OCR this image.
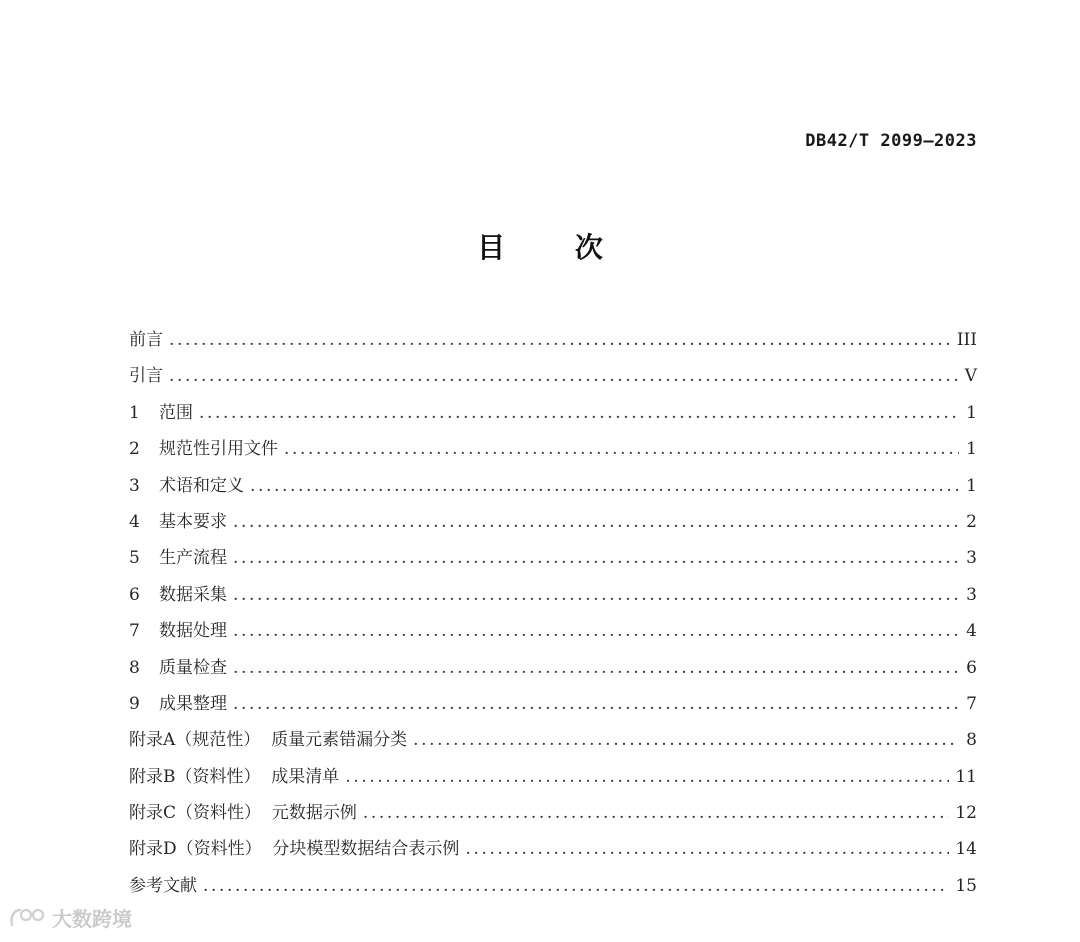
DB42/T 2099—2023
目 次
前言 .....	III
引言 .....	V
1	范围 .....	1
2	规范性引用文件 .....	1
3	术语和定义 .....	1
4	基本要求 .....	2
5	生产流程 .....	3
6	数据采集 .....	3
7	数据处理 .....	4
8	质量检查 .....	6
9	成果整理 .....	7
附录A（规范性）  质量元素错漏分类 .....	8
附录B（资料性）  成果清单 .....	11
附录C（资料性）  元数据示例 .....	12
附录D（资料性）  分块模型数据结合表示例 .....	14
参考文献 .....	15
大数跨境
